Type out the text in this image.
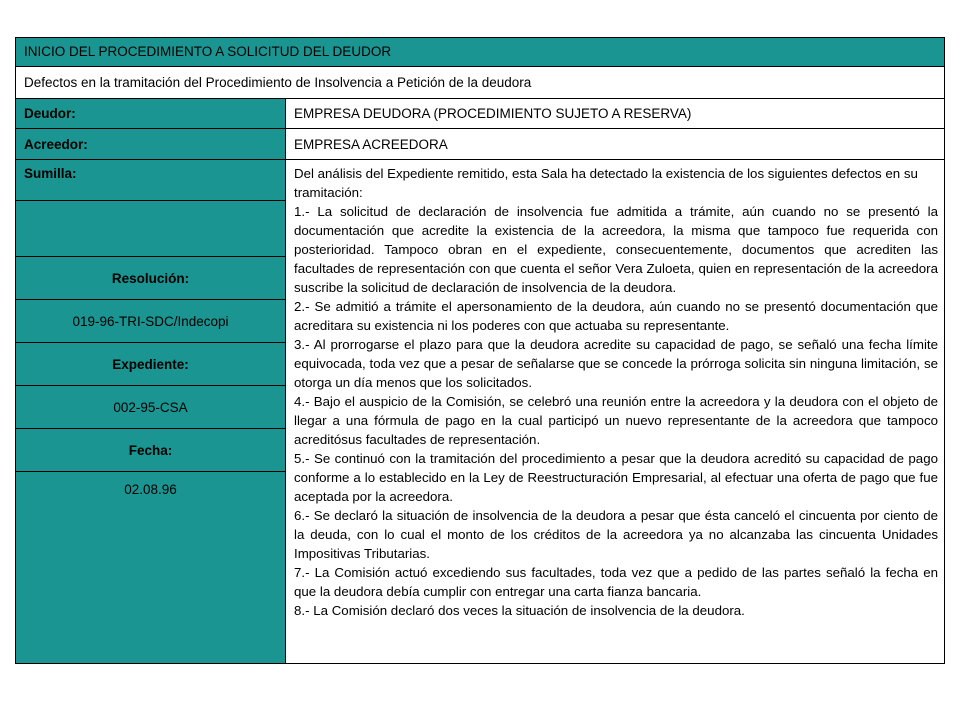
INICIO DEL PROCEDIMIENTO A SOLICITUD DEL DEUDOR
Defectos en la tramitación del Procedimiento de Insolvencia a Petición de la deudora
Deudor:	EMPRESA DEUDORA (PROCEDIMIENTO SUJETO A RESERVA)
Acreedor:	EMPRESA ACREEDORA
Sumilla:
Resolución:
019-96-TRI-SDC/Indecopi
Expediente:
002-95-CSA
Fecha:
02.08.96

Del análisis del Expediente remitido, esta Sala ha detectado la existencia de los siguientes defectos en su tramitación:

1.- La solicitud de declaración de insolvencia fue admitida a trámite, aún cuando no se presentó la documentación que acredite la existencia de la acreedora, la misma que tampoco fue requerida con posterioridad. Tampoco obran en el expediente, consecuentemente, documentos que acrediten las facultades de representación con que cuenta el señor Vera Zuloeta, quien en representación de la acreedora suscribe la solicitud de declaración de insolvencia de la deudora.

2.- Se admitió a trámite el apersonamiento de la deudora, aún cuando no se presentó documentación que acreditara su existencia ni los poderes con que actuaba su representante.

3.- Al prorrogarse el plazo para que la deudora acredite su capacidad de pago, se señaló una fecha límite equivocada, toda vez que a pesar de señalarse que se concede la prórroga solicita sin ninguna limitación, se otorga un día menos que los solicitados.

4.- Bajo el auspicio de la Comisión, se celebró una reunión entre la acreedora y la deudora con el objeto de llegar a una fórmula de pago en la cual participó un nuevo representante de la acreedora que tampoco acreditósus facultades de representación.

5.- Se continuó con la tramitación del procedimiento a pesar que la deudora acreditó su capacidad de pago conforme a lo establecido en la Ley de Reestructuración Empresarial, al efectuar una oferta de pago que fue aceptada por la acreedora.

6.- Se declaró la situación de insolvencia de la deudora a pesar que ésta canceló el cincuenta por ciento de la deuda, con lo cual el monto de los créditos de la acreedora ya no alcanzaba las cincuenta Unidades Impositivas Tributarias.

7.- La Comisión actuó excediendo sus facultades, toda vez que a pedido de las partes señaló la fecha en que la deudora debía cumplir con entregar una carta fianza bancaria.

8.- La Comisión declaró dos veces la situación de insolvencia de la deudora.
